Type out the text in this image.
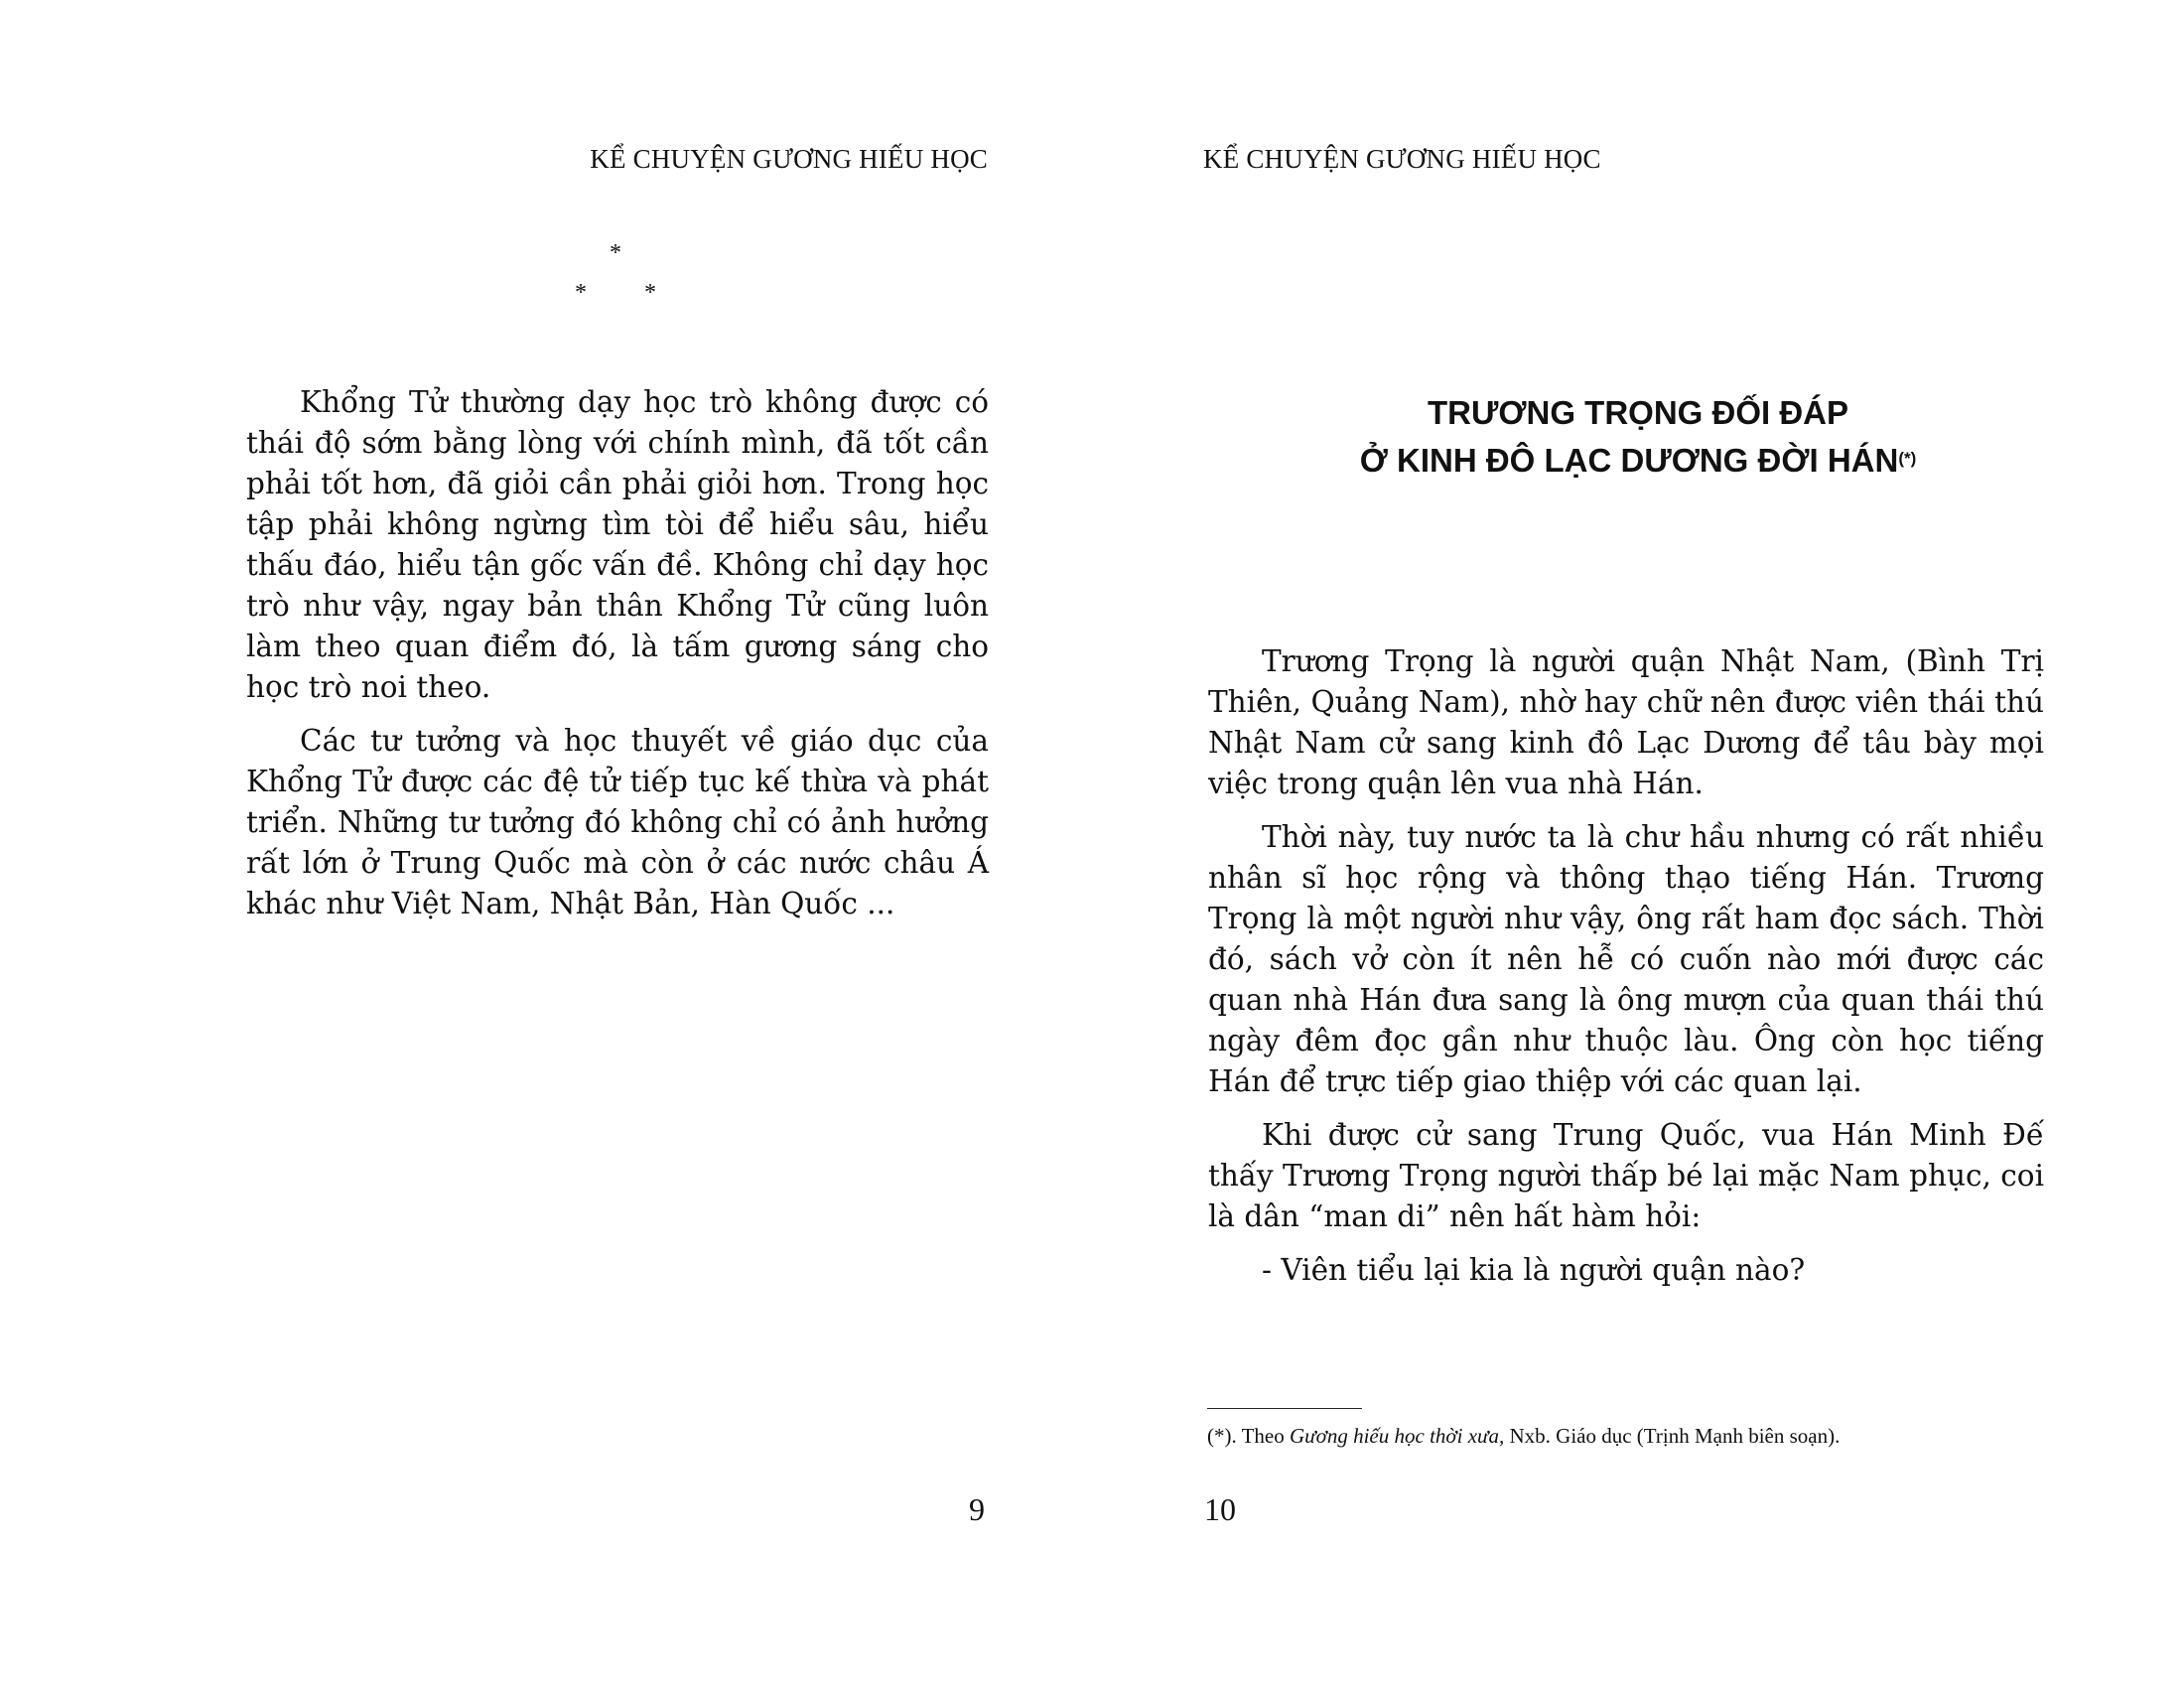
KỂ CHUYỆN GƯƠNG HIẾU HỌC
*
* *

Khổng Tử thường dạy học trò không được có thái độ sớm bằng lòng với chính mình, đã tốt cần phải tốt hơn, đã giỏi cần phải giỏi hơn. Trong học tập phải không ngừng tìm tòi để hiểu sâu, hiểu thấu đáo, hiểu tận gốc vấn đề. Không chỉ dạy học trò như vậy, ngay bản thân Khổng Tử cũng luôn làm theo quan điểm đó, là tấm gương sáng cho học trò noi theo.

Các tư tưởng và học thuyết về giáo dục của Khổng Tử được các đệ tử tiếp tục kế thừa và phát triển. Những tư tưởng đó không chỉ có ảnh hưởng rất lớn ở Trung Quốc mà còn ở các nước châu Á khác như Việt Nam, Nhật Bản, Hàn Quốc ...

9
KỂ CHUYỆN GƯƠNG HIẾU HỌC
TRƯƠNG TRỌNG ĐỐI ĐÁP
Ở KINH ĐÔ LẠC DƯƠNG ĐỜI HÁN(*)

Trương Trọng là người quận Nhật Nam, (Bình Trị Thiên, Quảng Nam), nhờ hay chữ nên được viên thái thú Nhật Nam cử sang kinh đô Lạc Dương để tâu bày mọi việc trong quận lên vua nhà Hán.

Thời này, tuy nước ta là chư hầu nhưng có rất nhiều nhân sĩ học rộng và thông thạo tiếng Hán. Trương Trọng là một người như vậy, ông rất ham đọc sách. Thời đó, sách vở còn ít nên hễ có cuốn nào mới được các quan nhà Hán đưa sang là ông mượn của quan thái thú ngày đêm đọc gần như thuộc làu. Ông còn học tiếng Hán để trực tiếp giao thiệp với các quan lại.

Khi được cử sang Trung Quốc, vua Hán Minh Đế thấy Trương Trọng người thấp bé lại mặc Nam phục, coi là dân “man di” nên hất hàm hỏi:

- Viên tiểu lại kia là người quận nào?

(*). Theo Gương hiếu học thời xưa, Nxb. Giáo dục (Trịnh Mạnh biên soạn).
10
